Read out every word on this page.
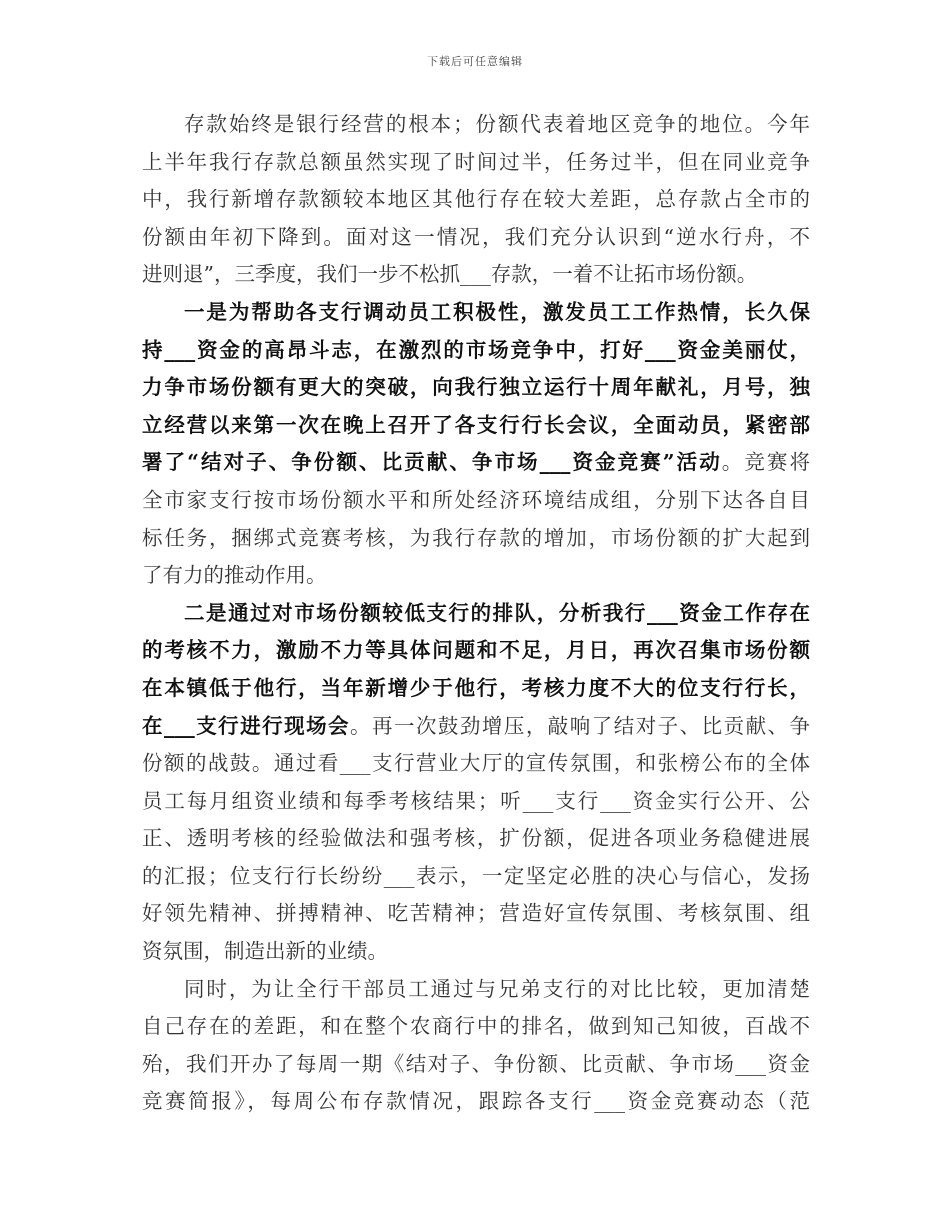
下载后可任意编辑
存款始终是银行经营的根本；份额代表着地区竞争的地位。今年
上半年我行存款总额虽然实现了时间过半，任务过半，但在同业竞争
中，我行新增存款额较本地区其他行存在较大差距，总存款占全市的
份额由年初下降到。面对这一情况，我们充分认识到“逆水行舟，不
进则退”，三季度，我们一步不松抓___存款，一着不让拓市场份额。
一是为帮助各支行调动员工积极性，激发员工工作热情，长久保
持___资金的高昂斗志，在激烈的市场竞争中，打好___资金美丽仗，
力争市场份额有更大的突破，向我行独立运行十周年献礼，月号，独
立经营以来第一次在晚上召开了各支行行长会议，全面动员，紧密部
署了“结对子、争份额、比贡献、争市场___资金竞赛”活动。竞赛将
全市家支行按市场份额水平和所处经济环境结成组，分别下达各自目
标任务，捆绑式竞赛考核，为我行存款的增加，市场份额的扩大起到
了有力的推动作用。
二是通过对市场份额较低支行的排队，分析我行___资金工作存在
的考核不力，激励不力等具体问题和不足，月日，再次召集市场份额
在本镇低于他行，当年新增少于他行，考核力度不大的位支行行长，
在___支行进行现场会。再一次鼓劲增压，敲响了结对子、比贡献、争
份额的战鼓。通过看___支行营业大厅的宣传氛围，和张榜公布的全体
员工每月组资业绩和每季考核结果；听___支行___资金实行公开、公
正、透明考核的经验做法和强考核，扩份额，促进各项业务稳健进展
的汇报；位支行行长纷纷___表示，一定坚定必胜的决心与信心，发扬
好领先精神、拼搏精神、吃苦精神；营造好宣传氛围、考核氛围、组
资氛围，制造出新的业绩。
同时，为让全行干部员工通过与兄弟支行的对比比较，更加清楚
自己存在的差距，和在整个农商行中的排名，做到知己知彼，百战不
殆，我们开办了每周一期《结对子、争份额、比贡献、争市场___资金
竞赛简报》，每周公布存款情况，跟踪各支行___资金竞赛动态（范
